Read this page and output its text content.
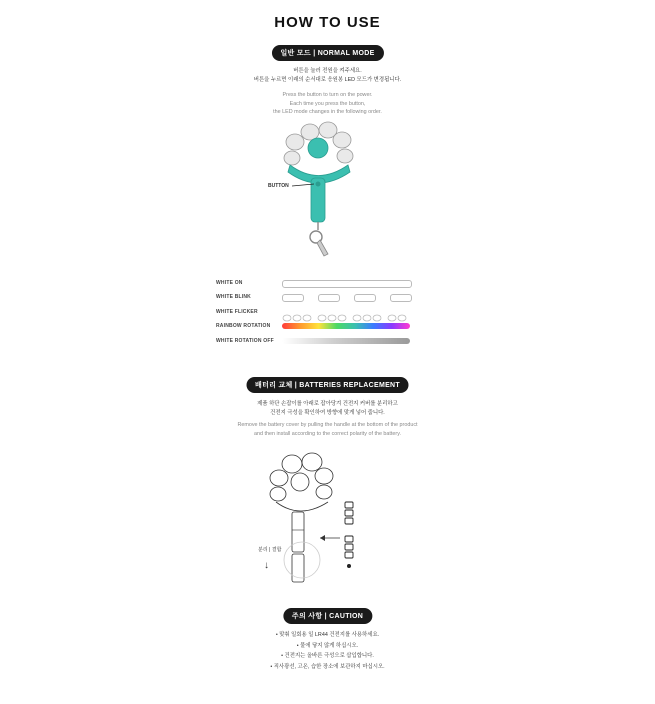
HOW TO USE
일반 모드 | NORMAL MODE
버튼을 눌러 전원을 켜주세요.
버튼을 누르면 이래의 순서대로 응원봉 LED 모드가 변경됩니다.
Press the button to turn on the power.
Each time you press the button,
the LED mode changes in the following order.
BUTTON
WHITE ON
WHITE BLINK
WHITE FLICKER
RAINBOW ROTATION
WHITE ROTATION OFF
배터리 교체 | BATTERIES REPLACEMENT
제품 하단 손잡이를 아래로 잡아당겨 건전지 커버를 분리하고
건전지 극성을 확인하여 방향에 맞게 넣어 줍니다.
Remove the battery cover by pulling the handle at the bottom of the product
and then install according to the correct polarity of the battery.
분리 | 결합
↓
주의 사항 | CAUTION
• 맞춰 일회용 일 LR44 건전지를 사용하세요.
• 물에 닿지 않게 하십시오.
• 건전지는 올바른 극성으로 삽입합니다.
• 직사광선, 고온, 습한 장소에 보관하지 마십시오.
